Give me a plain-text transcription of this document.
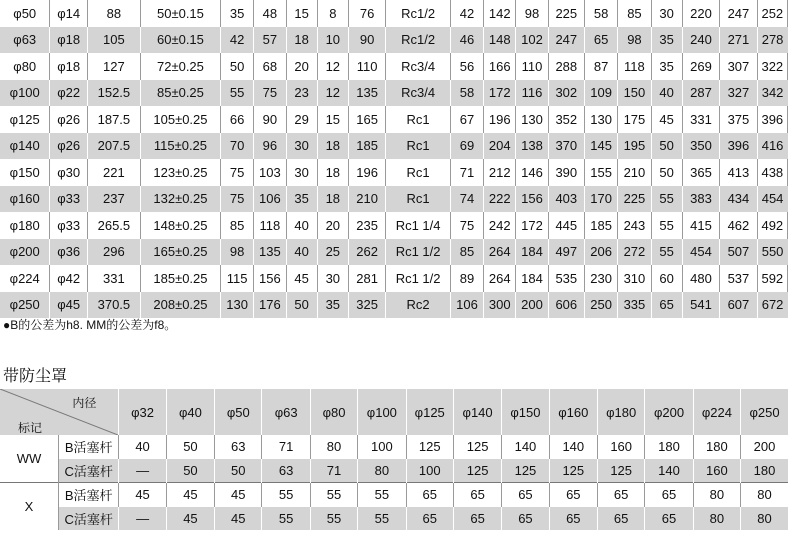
φ50	φ14	88	50±0.15	35	48	15	8	76	Rc1/2	42	142	98	225	58	85	30	220	247	252
φ63	φ18	105	60±0.15	42	57	18	10	90	Rc1/2	46	148	102	247	65	98	35	240	271	278
φ80	φ18	127	72±0.25	50	68	20	12	110	Rc3/4	56	166	110	288	87	118	35	269	307	322
φ100	φ22	152.5	85±0.25	55	75	23	12	135	Rc3/4	58	172	116	302	109	150	40	287	327	342
φ125	φ26	187.5	105±0.25	66	90	29	15	165	Rc1	67	196	130	352	130	175	45	331	375	396
φ140	φ26	207.5	115±0.25	70	96	30	18	185	Rc1	69	204	138	370	145	195	50	350	396	416
φ150	φ30	221	123±0.25	75	103	30	18	196	Rc1	71	212	146	390	155	210	50	365	413	438
φ160	φ33	237	132±0.25	75	106	35	18	210	Rc1	74	222	156	403	170	225	55	383	434	454
φ180	φ33	265.5	148±0.25	85	118	40	20	235	Rc1 1/4	75	242	172	445	185	243	55	415	462	492
φ200	φ36	296	165±0.25	98	135	40	25	262	Rc1 1/2	85	264	184	497	206	272	55	454	507	550
φ224	φ42	331	185±0.25	115	156	45	30	281	Rc1 1/2	89	264	184	535	230	310	60	480	537	592
φ250	φ45	370.5	208±0.25	130	176	50	35	325	Rc2	106	300	200	606	250	335	65	541	607	672
●B的公差为h8. MM的公差为f8。
带防尘罩
内径
标记		φ32	φ40	φ50	φ63	φ80	φ100	φ125	φ140	φ150	φ160	φ180	φ200	φ224	φ250
WW	B活塞杆	40	50	63	71	80	100	125	125	140	140	160	180	180	200
	C活塞杆	—	50	50	63	71	80	100	125	125	125	125	140	160	180
X	B活塞杆	45	45	45	55	55	55	65	65	65	65	65	65	80	80
	C活塞杆	—	45	45	55	55	55	65	65	65	65	65	65	80	80
